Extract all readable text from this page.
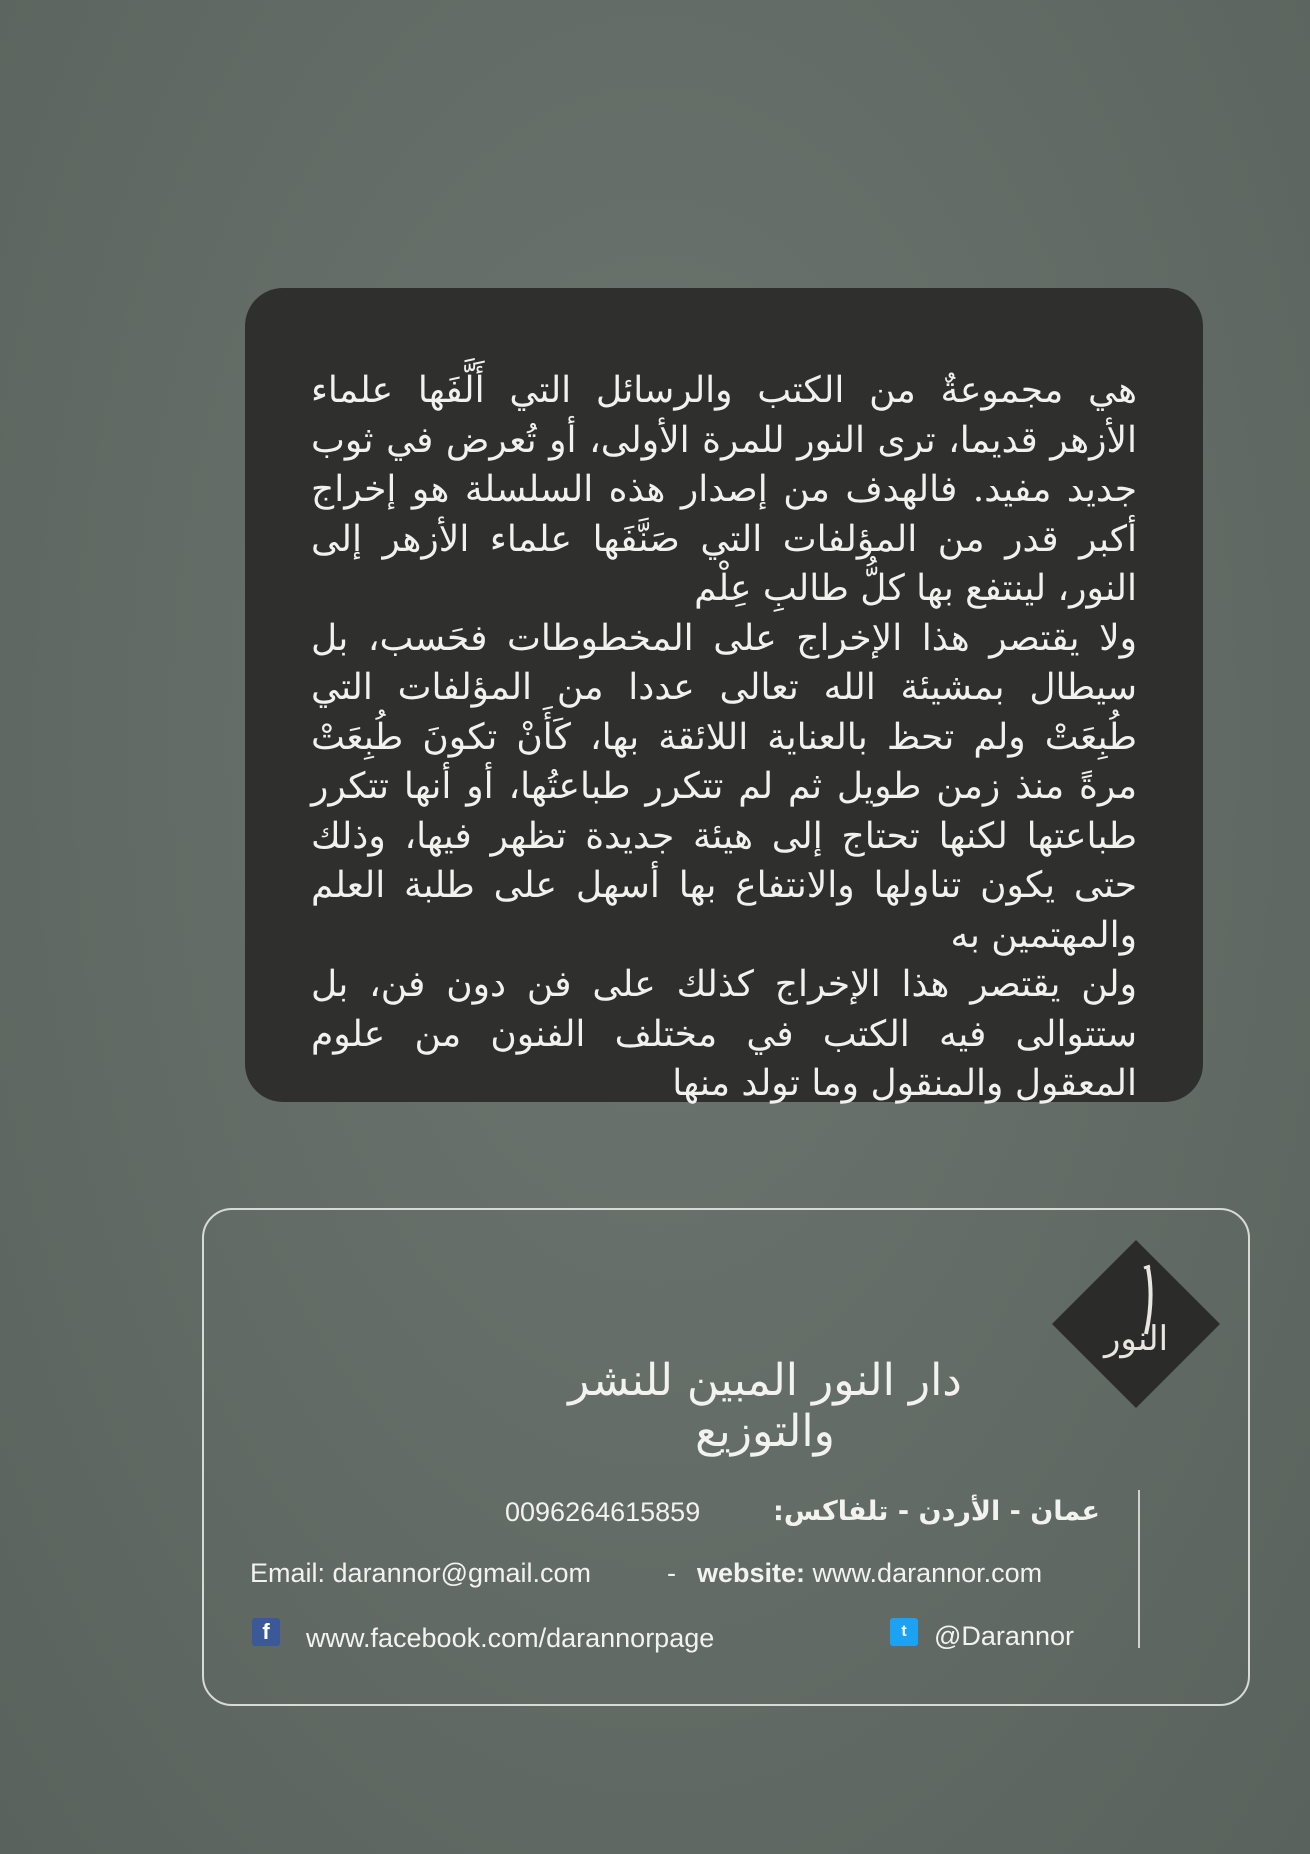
هي مجموعةٌ من الكتب والرسائل التي أَلَّفَها علماء الأزهر قديما، ترى النور للمرة الأولى، أو تُعرض في ثوب جديد مفيد. فالهدف من إصدار هذه السلسلة هو إخراج أكبر قدر من المؤلفات التي صَنَّفَها علماء الأزهر إلى النور، لينتفع بها كلُّ طالبِ عِلْم

ولا يقتصر هذا الإخراج على المخطوطات فحَسب، بل سيطال بمشيئة الله تعالى عددا من المؤلفات التي طُبِعَتْ ولم تحظ بالعناية اللائقة بها، كَأَنْ تكونَ طُبِعَتْ مرةً منذ زمن طويل ثم لم تتكرر طباعتُها، أو أنها تتكرر طباعتها لكنها تحتاج إلى هيئة جديدة تظهر فيها، وذلك حتى يكون تناولها والانتفاع بها أسهل على طلبة العلم والمهتمين به

ولن يقتصر هذا الإخراج كذلك على فن دون فن، بل ستتوالى فيه الكتب في مختلف الفنون من علوم المعقول والمنقول وما تولد منها

النور
دار النور المبين للنشر والتوزيع
عمان - الأردن - تلفاكس:
0096264615859
Email: darannor@gmail.com	- website: www.darannor.com
f	www.facebook.com/darannorpage	t	@Darannor
